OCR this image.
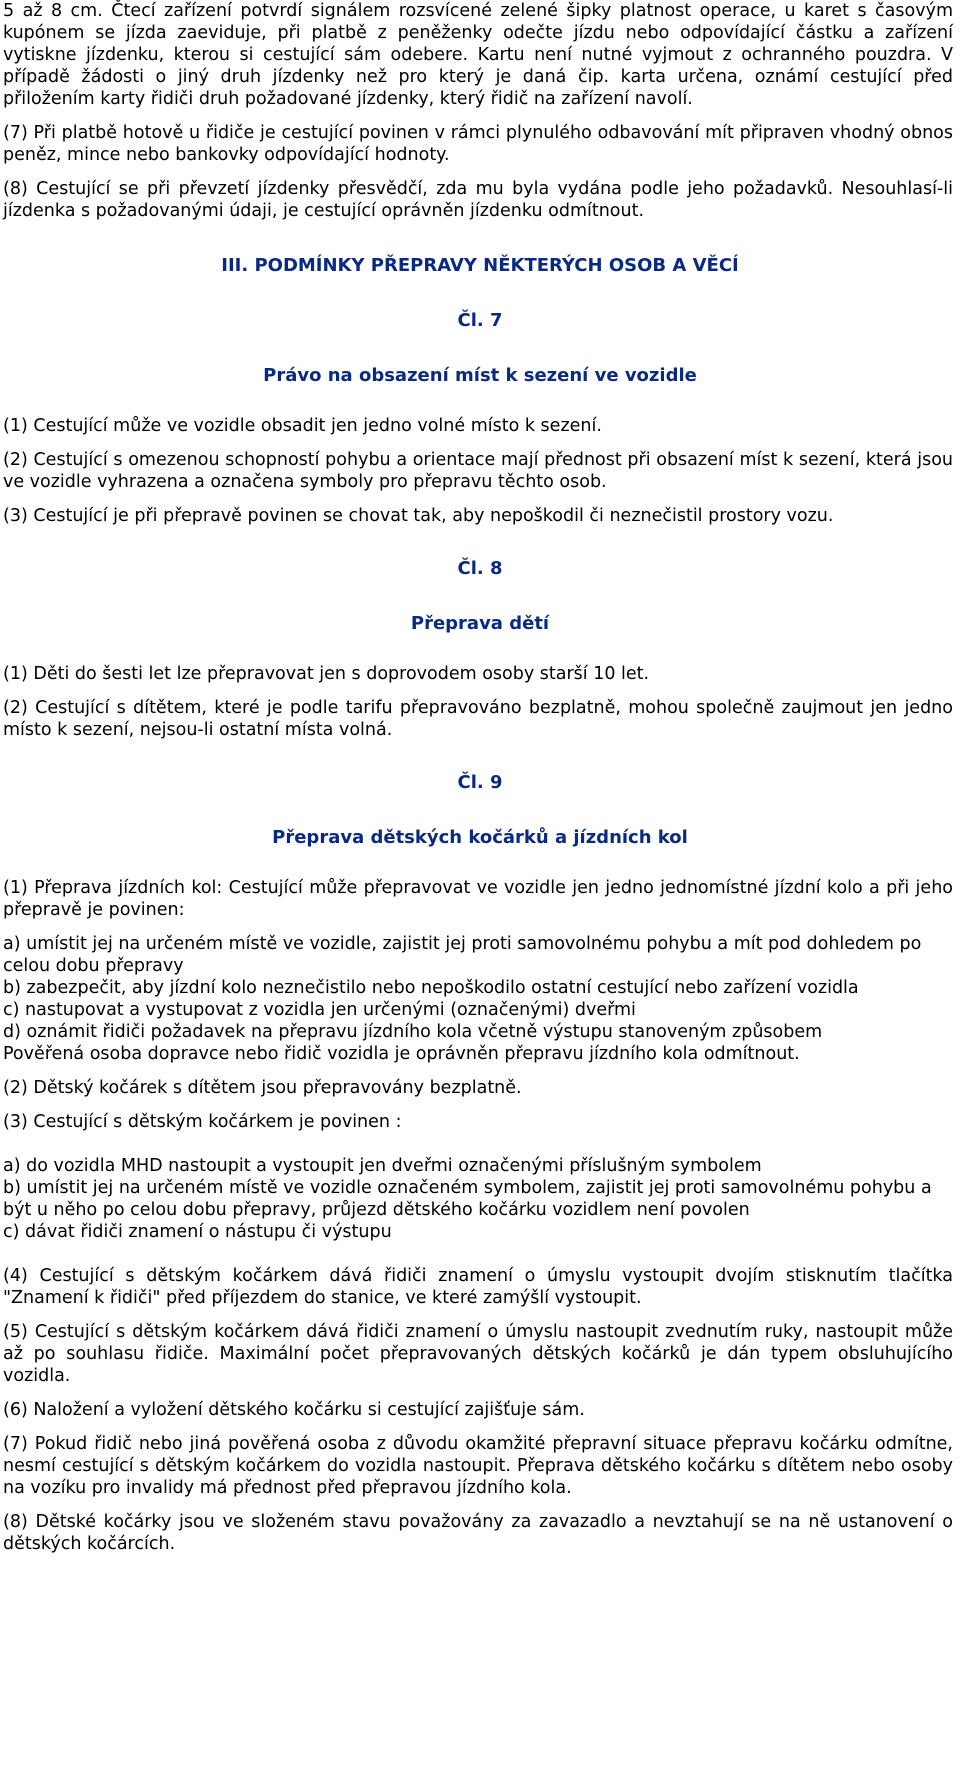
5 až 8 cm. Čtecí zařízení potvrdí signálem rozsvícené zelené šipky platnost operace, u karet s časovým kupónem se jízda zaeviduje, při platbě z peněženky odečte jízdu nebo odpovídající částku a zařízení vytiskne jízdenku, kterou si cestující sám odebere. Kartu není nutné vyjmout z ochranného pouzdra. V případě žádosti o jiný druh jízdenky než pro který je daná čip. karta určena, oznámí cestující před přiložením karty řidiči druh požadované jízdenky, který řidič na zařízení navolí.

(7) Při platbě hotově u řidiče je cestující povinen v rámci plynulého odbavování mít připraven vhodný obnos peněz, mince nebo bankovky odpovídající hodnoty.

(8) Cestující se při převzetí jízdenky přesvědčí, zda mu byla vydána podle jeho požadavků. Nesouhlasí-li jízdenka s požadovanými údaji, je cestující oprávněn jízdenku odmítnout.

III. PODMÍNKY PŘEPRAVY NĚKTERÝCH OSOB A VĚCÍ
Čl. 7
Právo na obsazení míst k sezení ve vozidle

(1) Cestující může ve vozidle obsadit jen jedno volné místo k sezení.

(2) Cestující s omezenou schopností pohybu a orientace mají přednost při obsazení míst k sezení, která jsou ve vozidle vyhrazena a označena symboly pro přepravu těchto osob.

(3) Cestující je při přepravě povinen se chovat tak, aby nepoškodil či neznečistil prostory vozu.

Čl. 8
Přeprava dětí

(1) Děti do šesti let lze přepravovat jen s doprovodem osoby starší 10 let.

(2) Cestující s dítětem, které je podle tarifu přepravováno bezplatně, mohou společně zaujmout jen jedno místo k sezení, nejsou-li ostatní místa volná.

Čl. 9
Přeprava dětských kočárků a jízdních kol

(1) Přeprava jízdních kol: Cestující může přepravovat ve vozidle jen jedno jednomístné jízdní kolo a při jeho přepravě je povinen:

a) umístit jej na určeném místě ve vozidle, zajistit jej proti samovolnému pohybu a mít pod dohledem po celou dobu přepravy

b) zabezpečit, aby jízdní kolo neznečistilo nebo nepoškodilo ostatní cestující nebo zařízení vozidla

c) nastupovat a vystupovat z vozidla jen určenými (označenými) dveřmi

d) oznámit řidiči požadavek na přepravu jízdního kola včetně výstupu stanoveným způsobem

Pověřená osoba dopravce nebo řidič vozidla je oprávněn přepravu jízdního kola odmítnout.

(2) Dětský kočárek s dítětem jsou přepravovány bezplatně.

(3) Cestující s dětským kočárkem je povinen :

a) do vozidla MHD nastoupit a vystoupit jen dveřmi označenými příslušným symbolem

b) umístit jej na určeném místě ve vozidle označeném symbolem, zajistit jej proti samovolnému pohybu a být u něho po celou dobu přepravy, průjezd dětského kočárku vozidlem není povolen

c) dávat řidiči znamení o nástupu či výstupu

(4) Cestující s dětským kočárkem dává řidiči znamení o úmyslu vystoupit dvojím stisknutím tlačítka "Znamení k řidiči" před příjezdem do stanice, ve které zamýšlí vystoupit.

(5) Cestující s dětským kočárkem dává řidiči znamení o úmyslu nastoupit zvednutím ruky, nastoupit může až po souhlasu řidiče. Maximální počet přepravovaných dětských kočárků je dán typem obsluhujícího vozidla.

(6) Naložení a vyložení dětského kočárku si cestující zajišťuje sám.

(7) Pokud řidič nebo jiná pověřená osoba z důvodu okamžité přepravní situace přepravu kočárku odmítne, nesmí cestující s dětským kočárkem do vozidla nastoupit. Přeprava dětského kočárku s dítětem nebo osoby na vozíku pro invalidy má přednost před přepravou jízdního kola.

(8) Dětské kočárky jsou ve složeném stavu považovány za zavazadlo a nevztahují se na ně ustanovení o dětských kočárcích.
